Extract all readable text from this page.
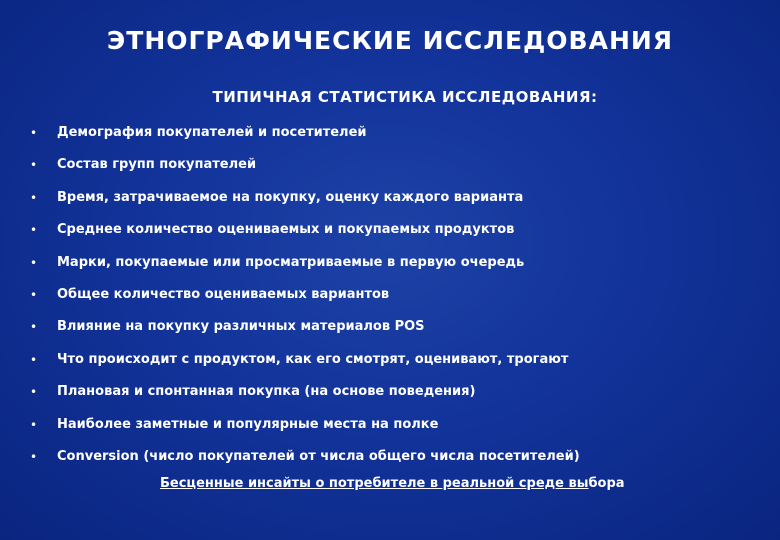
ЭТНОГРАФИЧЕСКИЕ ИССЛЕДОВАНИЯ
ТИПИЧНАЯ СТАТИСТИКА ИССЛЕДОВАНИЯ:
• Демография покупателей и посетителей
• Состав групп покупателей
• Время, затрачиваемое на покупку, оценку каждого варианта
• Среднее количество оцениваемых и покупаемых продуктов
• Марки, покупаемые или просматриваемые в первую очередь
• Общее количество оцениваемых вариантов
• Влияние на покупку различных материалов POS
• Что происходит с продуктом, как его смотрят, оценивают, трогают
• Плановая и спонтанная покупка (на основе поведения)
• Наиболее заметные и популярные места на полке
• Conversion (число покупателей от числа общего числа посетителей)
Бесценные инсайты о потребителе в реальной среде выбора
